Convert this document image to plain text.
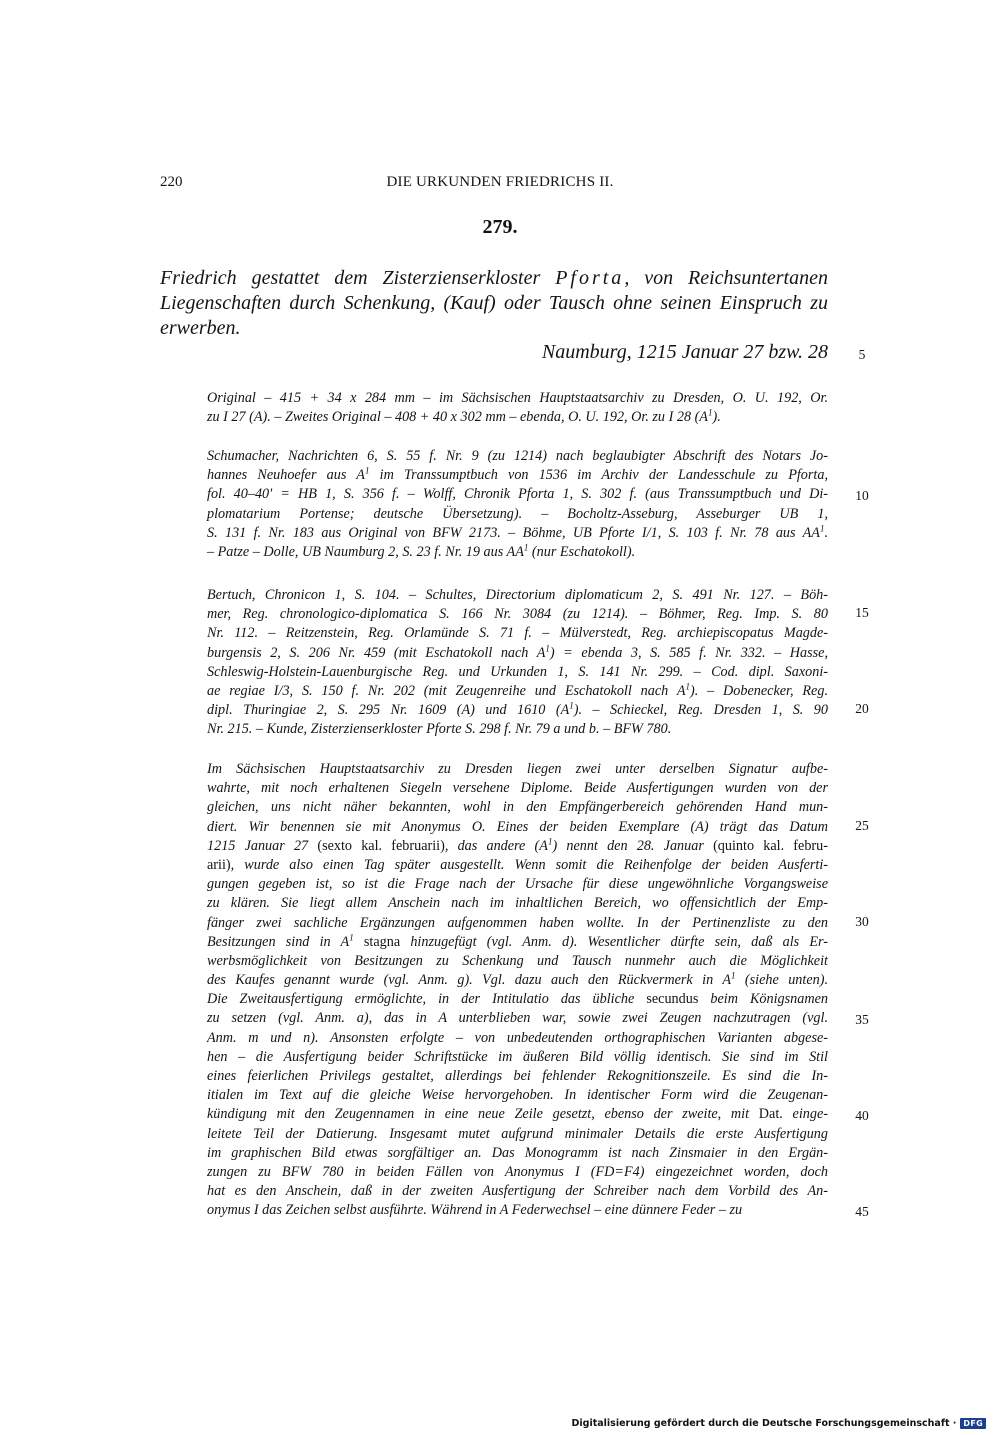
220	DIE URKUNDEN FRIEDRICHS II.
279.
Friedrich gestattet dem Zisterzienserkloster Pforta, von Reichsuntertanen Liegenschaften durch Schenkung, (Kauf) oder Tausch ohne seinen Einspruch zu erwerben.
Naumburg, 1215 Januar 27 bzw. 28
Original – 415 + 34 x 284 mm – im Sächsischen Hauptstaatsarchiv zu Dresden, O. U. 192, Or.
zu I 27 (A). – Zweites Original – 408 + 40 x 302 mm – ebenda, O. U. 192, Or. zu I 28 $(A^1)$.
Schumacher, Nachrichten 6, S. 55 f. Nr. 9 (zu 1214) nach beglaubigter Abschrift des Notars Jo-
hannes Neuhoefer aus $A^1$ im Transsumptbuch von 1536 im Archiv der Landesschule zu Pforta,
fol. 40–40' = HB 1, S. 356 f. – Wolff, Chronik Pforta 1, S. 302 f. (aus Transsumptbuch und Di-
plomatarium Portense; deutsche Übersetzung). – Bocholtz-Asseburg, Asseburger UB 1,
S. 131 f. Nr. 183 aus Original von BFW 2173. – Böhme, UB Pforte I/1, S. 103 f. Nr. 78 aus $AA^1$.
– Patze – Dolle, UB Naumburg 2, S. 23 f. Nr. 19 aus $AA^1$ (nur Eschatokoll).
Bertuch, Chronicon 1, S. 104. – Schultes, Directorium diplomaticum 2, S. 491 Nr. 127. – Böh-
mer, Reg. chronologico-diplomatica S. 166 Nr. 3084 (zu 1214). – Böhmer, Reg. Imp. S. 80
Nr. 112. – Reitzenstein, Reg. Orlamünde S. 71 f. – Mülverstedt, Reg. archiepiscopatus Magde-
burgensis 2, S. 206 Nr. 459 (mit Eschatokoll nach $A^1$) = ebenda 3, S. 585 f. Nr. 332. – Hasse,
Schleswig-Holstein-Lauenburgische Reg. und Urkunden 1, S. 141 Nr. 299. – Cod. dipl. Saxoni-
ae regiae I/3, S. 150 f. Nr. 202 (mit Zeugenreihe und Eschatokoll nach $A^1$). – Dobenecker, Reg.
dipl. Thuringiae 2, S. 295 Nr. 1609 (A) und 1610 $(A^1)$. – Schieckel, Reg. Dresden 1, S. 90
Nr. 215. – Kunde, Zisterzienserkloster Pforte S. 298 f. Nr. 79 a und b. – BFW 780.
Im Sächsischen Hauptstaatsarchiv zu Dresden liegen zwei unter derselben Signatur aufbe-
wahrte, mit noch erhaltenen Siegeln versehene Diplome. Beide Ausfertigungen wurden von der
gleichen, uns nicht näher bekannten, wohl in den Empfängerbereich gehörenden Hand mun-
diert. Wir benennen sie mit Anonymus O. Eines der beiden Exemplare (A) trägt das Datum
1215 Januar 27 (sexto kal. februarii), das andere $(A^1)$ nennt den 28. Januar (quinto kal. febru-
arii), wurde also einen Tag später ausgestellt. Wenn somit die Reihenfolge der beiden Ausferti-
gungen gegeben ist, so ist die Frage nach der Ursache für diese ungewöhnliche Vorgangsweise
zu klären. Sie liegt allem Anschein nach im inhaltlichen Bereich, wo offensichtlich der Emp-
fänger zwei sachliche Ergänzungen aufgenommen haben wollte. In der Pertinenzliste zu den
Besitzungen sind in $A^1$ stagna hinzugefügt (vgl. Anm. d). Wesentlicher dürfte sein, daß als Er-
werbsmöglichkeit von Besitzungen zu Schenkung und Tausch nunmehr auch die Möglichkeit
des Kaufes genannt wurde (vgl. Anm. g). Vgl. dazu auch den Rückvermerk in $A^1$ (siehe unten).
Die Zweitausfertigung ermöglichte, in der Intitulatio das übliche secundus beim Königsnamen
zu setzen (vgl. Anm. a), das in A unterblieben war, sowie zwei Zeugen nachzutragen (vgl.
Anm. m und n). Ansonsten erfolgte – von unbedeutenden orthographischen Varianten abgese-
hen – die Ausfertigung beider Schriftstücke im äußeren Bild völlig identisch. Sie sind im Stil
eines feierlichen Privilegs gestaltet, allerdings bei fehlender Rekognitionszeile. Es sind die In-
itialen im Text auf die gleiche Weise hervorgehoben. In identischer Form wird die Zeugenan-
kündigung mit den Zeugennamen in eine neue Zeile gesetzt, ebenso der zweite, mit Dat. einge-
leitete Teil der Datierung. Insgesamt mutet aufgrund minimaler Details die erste Ausfertigung
im graphischen Bild etwas sorgfältiger an. Das Monogramm ist nach Zinsmaier in den Ergän-
zungen zu BFW 780 in beiden Fällen von Anonymus I (FD=F4) eingezeichnet worden, doch
hat es den Anschein, daß in der zweiten Ausfertigung der Schreiber nach dem Vorbild des An-
onymus I das Zeichen selbst ausführte. Während in A Federwechsel – eine dünnere Feder – zu
5
10
15
20
25
30
35
40
45
Digitalisierung gefördert durch die Deutsche Forschungsgemeinschaft · DFG
